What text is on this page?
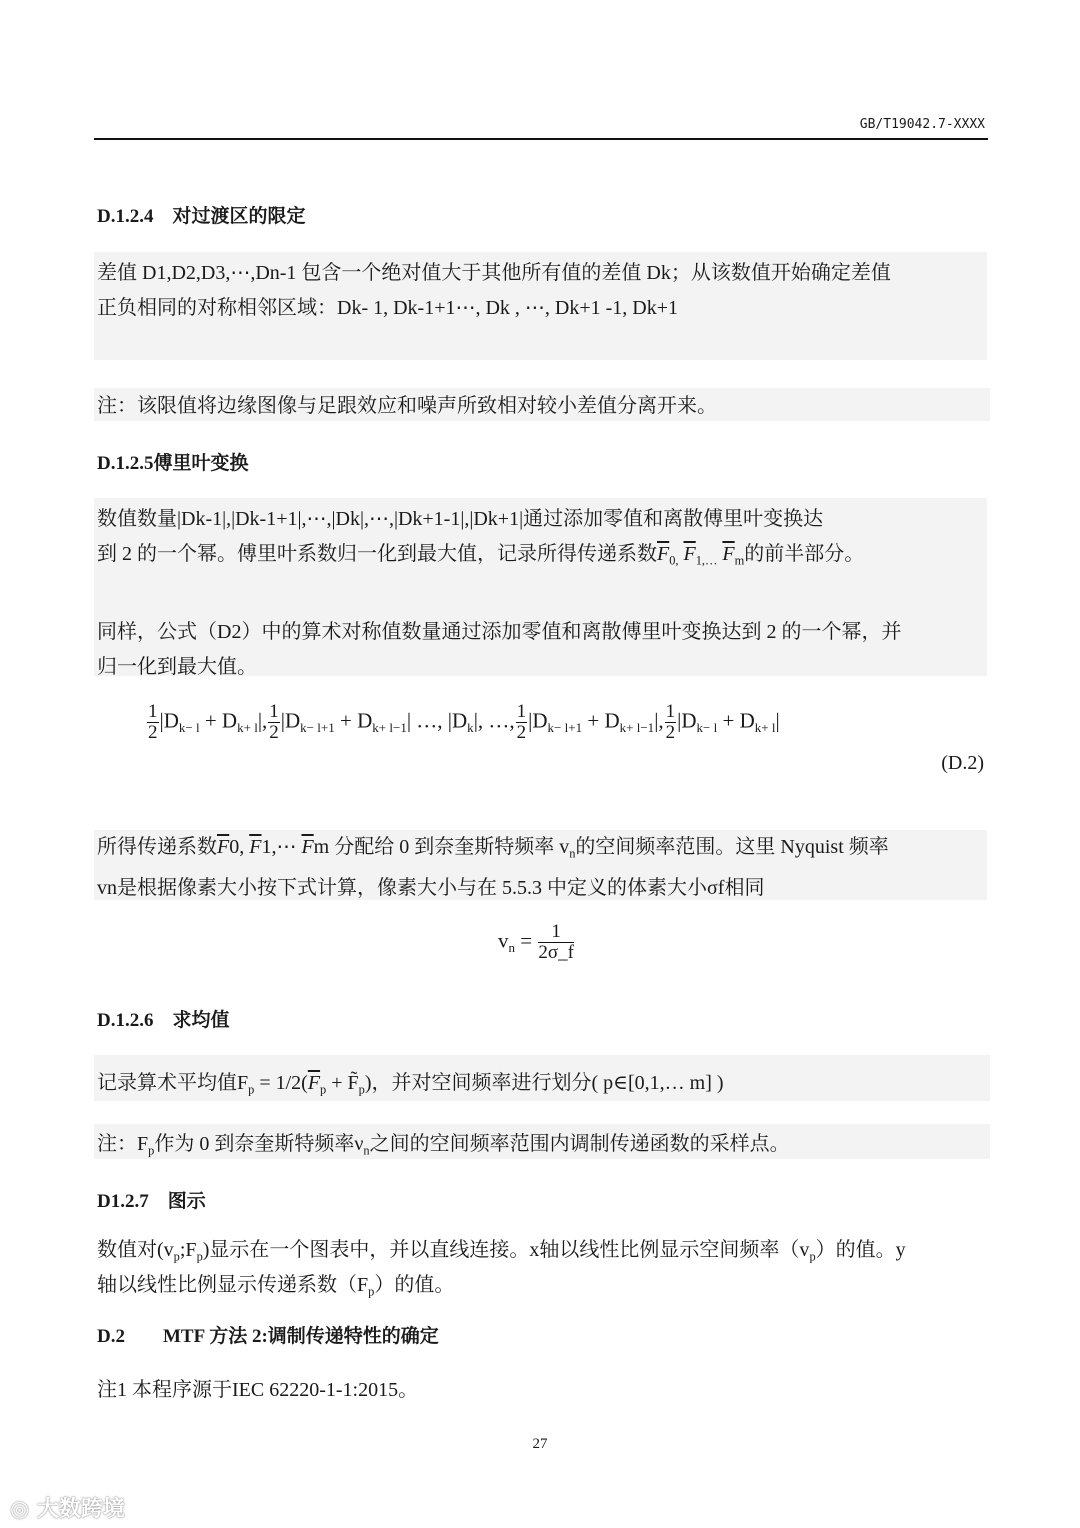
GB/T19042.7-XXXX
D.1.2.4　对过渡区的限定
差值 D1,D2,D3,⋯,Dn-1 包含一个绝对值大于其他所有值的差值 Dk；从该数值开始确定差值
正负相同的对称相邻区域：Dk- 1, Dk-1+1⋯, Dk , ⋯, Dk+1 -1, Dk+1
注：该限值将边缘图像与足跟效应和噪声所致相对较小差值分离开来。
D.1.2.5傅里叶变换
数值数量|Dk-1|,|Dk-1+1|,⋯,|Dk|,⋯,|Dk+1-1|,|Dk+1|通过添加零值和离散傅里叶变换达
到 2 的一个幂。傅里叶系数归一化到最大值，记录所得传递系数$\overline{F}_{0,}$ $\overline{F}_{1,\dots}$ $\overline{F}_m$的前半部分。
同样，公式（D2）中的算术对称值数量通过添加零值和离散傅里叶变换达到 2 的一个幂，并
归一化到最大值。
$\frac{1}{2} |D_{k- l} + D_{k+ l}|$, $\frac{1}{2} |D_{k- l+1} + D_{k+ l-1}|$ …, $|D_k|$, …, $\frac{1}{2} |D_{k- l+1} + D_{k+ l-1}|$, $\frac{1}{2} |D_{k- l} + D_{k+ l}|$
(D.2)
所得传递系数$\overline{F}0$, $\overline{F}1,\cdots$ $\overline{F}m$ 分配给 0 到奈奎斯特频率 $v_n$的空间频率范围。这里 Nyquist 频率
vn是根据像素大小按下式计算，像素大小与在 5.5.3 中定义的体素大小σf相同
$v_n = \frac{1}{2\sigma\_f}$
D.1.2.6　求均值
记录算术平均值$F_p = 1/2(\overline{F}_p$ + $F̃_p$)，并对空间频率进行划分( p∈[0,1,… m] )
注：$F_p$作为 0 到奈奎斯特频率$\nu_n$之间的空间频率范围内调制传递函数的采样点。
D1.2.7　图示
数值对$(v_p;F_p)$显示在一个图表中，并以直线连接。x轴以线性比例显示空间频率$(v_p)$的值。y
轴以线性比例显示传递系数$(F_p)$的值。
D.2　　MTF 方法 2:调制传递特性的确定
注1 本程序源于IEC 62220-1-1:2015。
27
◎ 大数跨境
